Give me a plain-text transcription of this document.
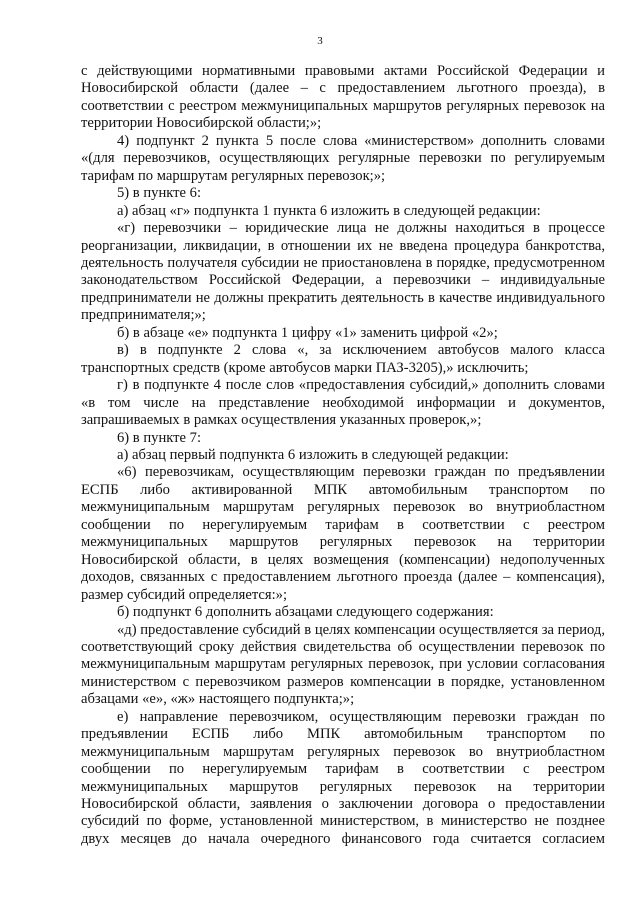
3

с действующими нормативными правовыми актами Российской Федерации и Новосибирской области (далее – с предоставлением льготного проезда), в соответствии с реестром межмуниципальных маршрутов регулярных перевозок на территории Новосибирской области;»;

4) подпункт 2 пункта 5 после слова «министерством» дополнить словами «(для перевозчиков, осуществляющих регулярные перевозки по регулируемым тарифам по маршрутам регулярных перевозок;»;

5) в пункте 6:

а) абзац «г» подпункта 1 пункта 6 изложить в следующей редакции:

«г) перевозчики – юридические лица не должны находиться в процессе реорганизации, ликвидации, в отношении их не введена процедура банкротства, деятельность получателя субсидии не приостановлена в порядке, предусмотренном законодательством Российской Федерации, а перевозчики – индивидуальные предприниматели не должны прекратить деятельность в качестве индивидуального предпринимателя;»;

б) в абзаце «е» подпункта 1 цифру «1» заменить цифрой «2»;

в) в подпункте 2 слова «, за исключением автобусов малого класса транспортных средств (кроме автобусов марки ПАЗ-3205),» исключить;

г) в подпункте 4 после слов «предоставления субсидий,» дополнить словами «в том числе на представление необходимой информации и документов, запрашиваемых в рамках осуществления указанных проверок,»;

6) в пункте 7:

а) абзац первый подпункта 6 изложить в следующей редакции:

«6) перевозчикам, осуществляющим перевозки граждан по предъявлении ЕСПБ либо активированной МПК автомобильным транспортом по межмуниципальным маршрутам регулярных перевозок во внутриобластном сообщении по нерегулируемым тарифам в соответствии с реестром межмуниципальных маршрутов регулярных перевозок на территории Новосибирской области, в целях возмещения (компенсации) недополученных доходов, связанных с предоставлением льготного проезда (далее – компенсация), размер субсидий определяется:»;

б) подпункт 6 дополнить абзацами следующего содержания:

«д) предоставление субсидий в целях компенсации осуществляется за период, соответствующий сроку действия свидетельства об осуществлении перевозок по межмуниципальным маршрутам регулярных перевозок, при условии согласования министерством с перевозчиком размеров компенсации в порядке, установленном абзацами «е», «ж» настоящего подпункта;»;

е) направление перевозчиком, осуществляющим перевозки граждан по предъявлении ЕСПБ либо МПК автомобильным транспортом по межмуниципальным маршрутам регулярных перевозок во внутриобластном сообщении по нерегулируемым тарифам в соответствии с реестром межмуниципальных маршрутов регулярных перевозок на территории Новосибирской области, заявления о заключении договора о предоставлении субсидий по форме, установленной министерством, в министерство не позднее двух месяцев до начала очередного финансового года считается согласием
